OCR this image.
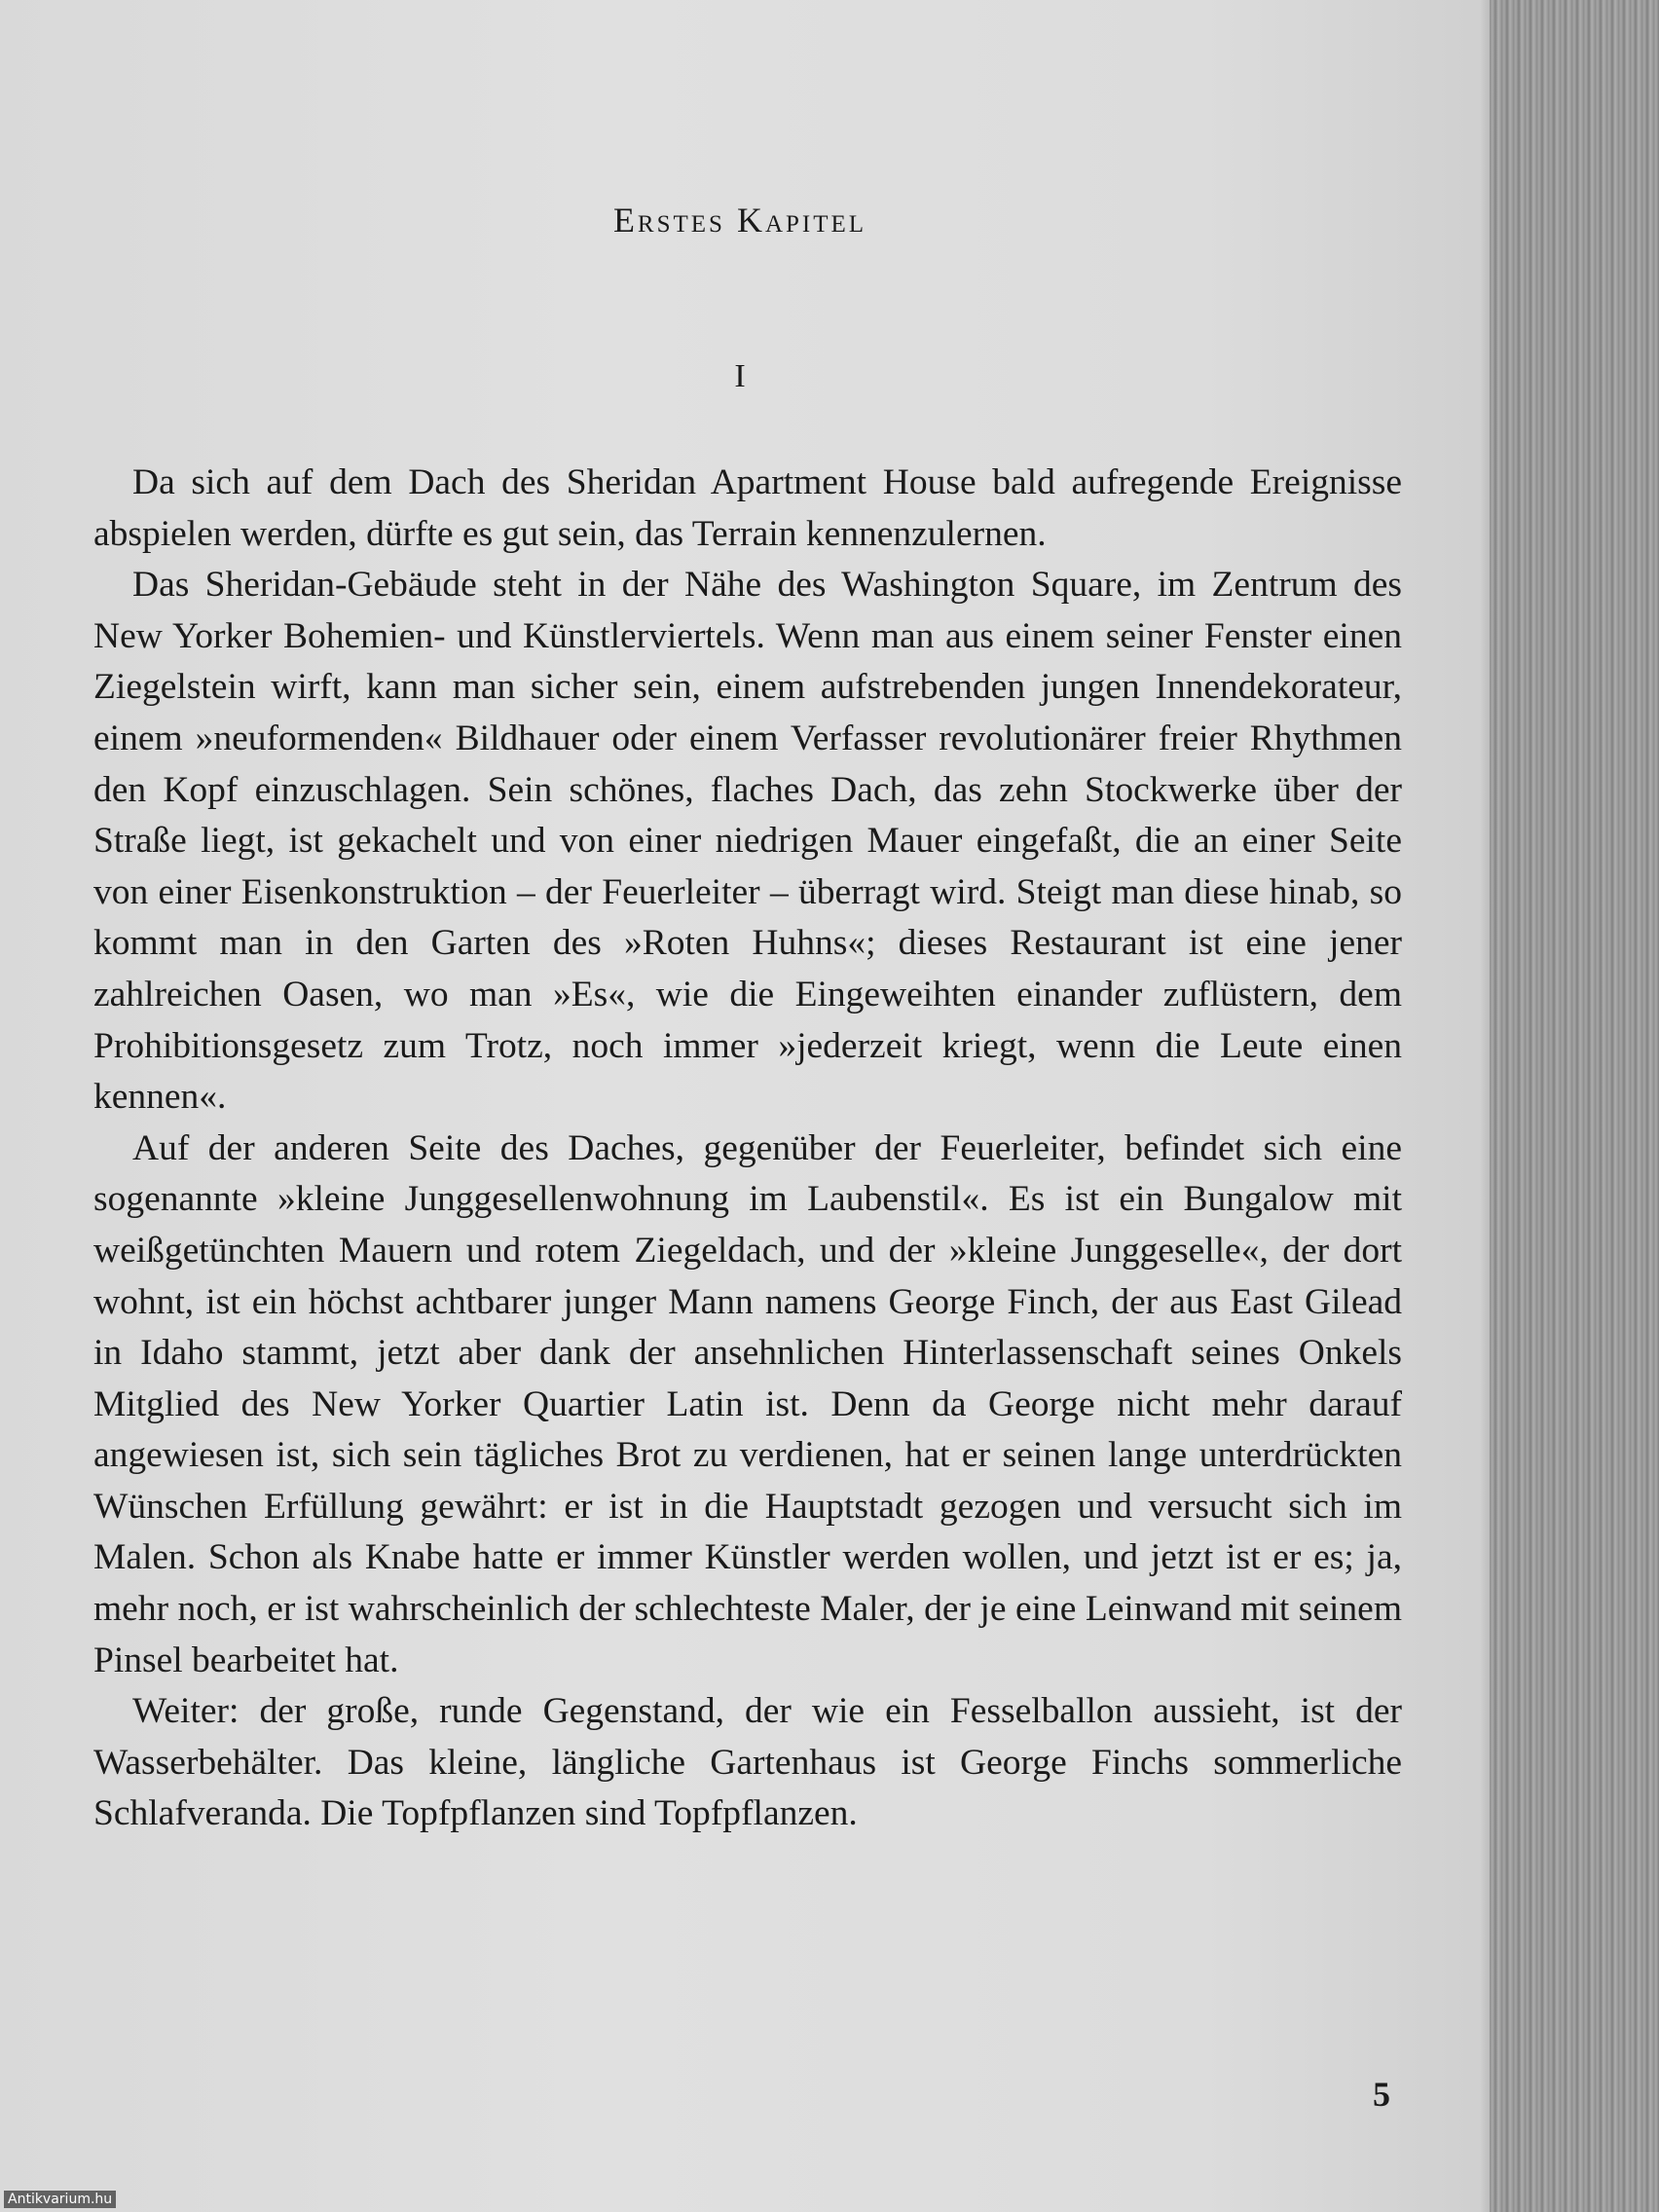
Erstes Kapitel
I

Da sich auf dem Dach des Sheridan Apartment House bald aufregende Ereignisse abspielen werden, dürfte es gut sein, das Terrain kennenzulernen.

Das Sheridan-Gebäude steht in der Nähe des Washington Square, im Zentrum des New Yorker Bohemien- und Künstlerviertels. Wenn man aus einem seiner Fenster einen Ziegelstein wirft, kann man sicher sein, einem aufstrebenden jungen Innendekorateur, einem »neuformenden« Bildhauer oder einem Verfasser revolutionärer freier Rhythmen den Kopf einzuschlagen. Sein schönes, flaches Dach, das zehn Stockwerke über der Straße liegt, ist gekachelt und von einer niedrigen Mauer eingefaßt, die an einer Seite von einer Eisenkonstruktion – der Feuerleiter – überragt wird. Steigt man diese hinab, so kommt man in den Garten des »Roten Huhns«; dieses Restaurant ist eine jener zahlreichen Oasen, wo man »Es«, wie die Eingeweihten einander zuflüstern, dem Prohibitionsgesetz zum Trotz, noch immer »jederzeit kriegt, wenn die Leute einen kennen«.

Auf der anderen Seite des Daches, gegenüber der Feuerleiter, befindet sich eine sogenannte »kleine Junggesellenwohnung im Laubenstil«. Es ist ein Bungalow mit weißgetünchten Mauern und rotem Ziegeldach, und der »kleine Junggeselle«, der dort wohnt, ist ein höchst achtbarer junger Mann namens George Finch, der aus East Gilead in Idaho stammt, jetzt aber dank der ansehnlichen Hinterlassenschaft seines Onkels Mitglied des New Yorker Quartier Latin ist. Denn da George nicht mehr darauf angewiesen ist, sich sein tägliches Brot zu verdienen, hat er seinen lange unterdrückten Wünschen Erfüllung gewährt: er ist in die Hauptstadt gezogen und versucht sich im Malen. Schon als Knabe hatte er immer Künstler werden wollen, und jetzt ist er es; ja, mehr noch, er ist wahrscheinlich der schlechteste Maler, der je eine Leinwand mit seinem Pinsel bearbeitet hat.

Weiter: der große, runde Gegenstand, der wie ein Fesselballon aussieht, ist der Wasserbehälter. Das kleine, längliche Gartenhaus ist George Finchs sommerliche Schlafveranda. Die Topfpflanzen sind Topfpflanzen.

5
Antikvarium.hu
